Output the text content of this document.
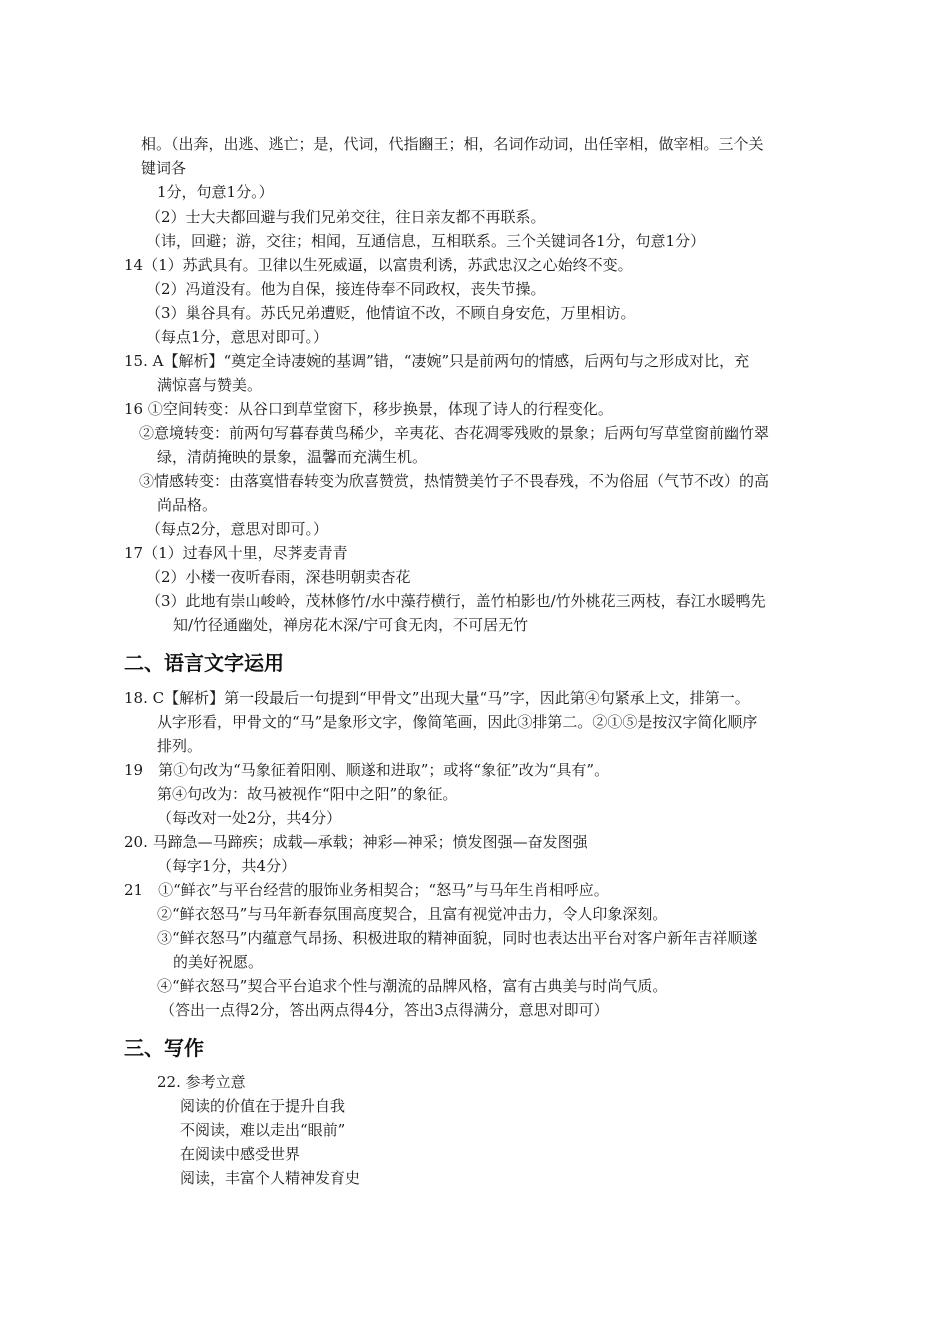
相。（出奔，出逃、逃亡；是，代词，代指豳王；相，名词作动词，出任宰相，做宰相。三个关
键词各
1分，句意1分。）
（2）士大夫都回避与我们兄弟交往，往日亲友都不再联系。
（讳，回避；游，交往；相闻，互通信息，互相联系。三个关键词各1分，句意1分）
14（1）苏武具有。卫律以生死威逼，以富贵利诱，苏武忠汉之心始终不变。
（2）冯道没有。他为自保，接连侍奉不同政权，丧失节操。
（3）巢谷具有。苏氏兄弟遭贬，他情谊不改，不顾自身安危，万里相访。
（每点1分，意思对即可。）
15. A【解析】“奠定全诗凄婉的基调”错，“凄婉”只是前两句的情感，后两句与之形成对比，充
满惊喜与赞美。
16 ①空间转变：从谷口到草堂窗下，移步换景，体现了诗人的行程变化。
②意境转变：前两句写暮春黄鸟稀少，辛夷花、杏花凋零残败的景象；后两句写草堂窗前幽竹翠
绿，清荫掩映的景象，温馨而充满生机。
③情感转变：由落寞惜春转变为欣喜赞赏，热情赞美竹子不畏春残，不为俗屈（气节不改）的高
尚品格。
（每点2分，意思对即可。）
17（1）过春风十里，尽荠麦青青
（2）小楼一夜听春雨，深巷明朝卖杏花
（3）此地有崇山峻岭，茂林修竹/水中藻荇横行，盖竹柏影也/竹外桃花三两枝，春江水暖鸭先
知/竹径通幽处，禅房花木深/宁可食无肉，不可居无竹
二、语言文字运用
18. C【解析】第一段最后一句提到“甲骨文”出现大量“马”字，因此第④句紧承上文，排第一。
从字形看，甲骨文的“马”是象形文字，像简笔画，因此③排第二。②①⑤是按汉字简化顺序
排列。
19　第①句改为“马象征着阳刚、顺遂和进取”；或将“象征”改为“具有”。
第④句改为：故马被视作“阳中之阳”的象征。
（每改对一处2分，共4分）
20. 马蹄急—马蹄疾；成载—承载；神彩—神采；愤发图强—奋发图强
（每字1分，共4分）
21　①“鲜衣”与平台经营的服饰业务相契合；“怒马”与马年生肖相呼应。
②“鲜衣怒马”与马年新春氛围高度契合，且富有视觉冲击力，令人印象深刻。
③“鲜衣怒马”内蕴意气昂扬、积极进取的精神面貌，同时也表达出平台对客户新年吉祥顺遂
的美好祝愿。
④“鲜衣怒马”契合平台追求个性与潮流的品牌风格，富有古典美与时尚气质。
（答出一点得2分，答出两点得4分，答出3点得满分，意思对即可）
三、写作
22. 参考立意
阅读的价值在于提升自我
不阅读，难以走出“眼前”
在阅读中感受世界
阅读，丰富个人精神发育史
